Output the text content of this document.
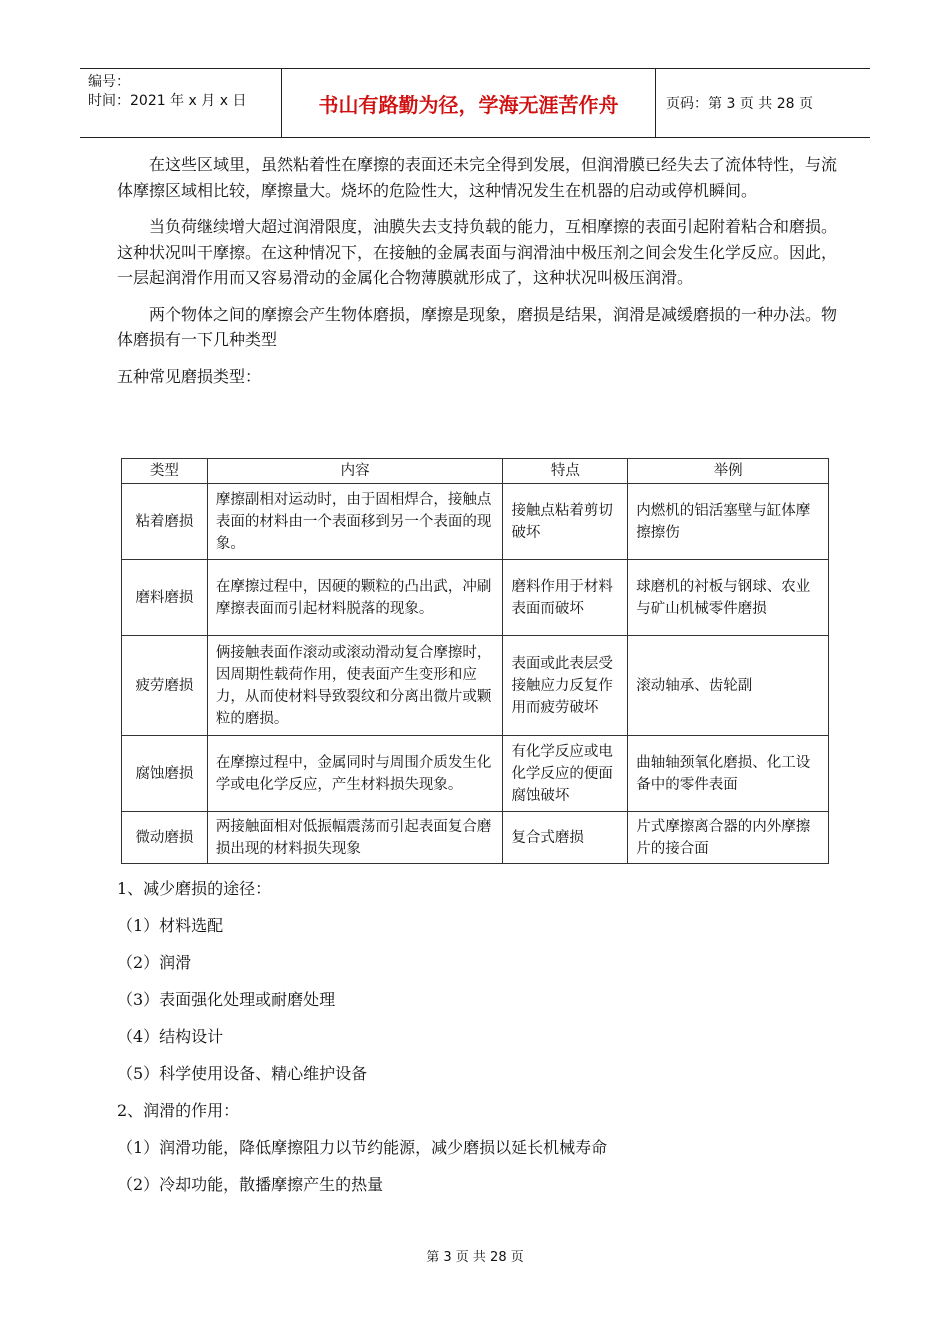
编号：
时间：2021 年 x 月 x 日	书山有路勤为径，学海无涯苦作舟	页码：第 3 页 共 28 页

在这些区域里，虽然粘着性在摩擦的表面还未完全得到发展，但润滑膜已经失去了流体特性，与流体摩擦区域相比较，摩擦量大。烧坏的危险性大，这种情况发生在机器的启动或停机瞬间。

当负荷继续增大超过润滑限度，油膜失去支持负载的能力，互相摩擦的表面引起附着粘合和磨损。这种状况叫干摩擦。在这种情况下，在接触的金属表面与润滑油中极压剂之间会发生化学反应。因此，一层起润滑作用而又容易滑动的金属化合物薄膜就形成了，这种状况叫极压润滑。

两个物体之间的摩擦会产生物体磨损，摩擦是现象，磨损是结果，润滑是减缓磨损的一种办法。物体磨损有一下几种类型

五种常见磨损类型：

类型	内容	特点	举例
粘着磨损	摩擦副相对运动时，由于固相焊合，接触点表面的材料由一个表面移到另一个表面的现象。	接触点粘着剪切破坏	内燃机的铝活塞壁与缸体摩擦擦伤
磨料磨损	在摩擦过程中，因硬的颗粒的凸出武，冲刷摩擦表面而引起材料脱落的现象。	磨料作用于材料表面而破坏	球磨机的衬板与钢球、农业与矿山机械零件磨损
疲劳磨损	俩接触表面作滚动或滚动滑动复合摩擦时，因周期性载荷作用，使表面产生变形和应力，从而使材料导致裂纹和分离出微片或颗粒的磨损。	表面或此表层受接触应力反复作用而疲劳破坏	滚动轴承、齿轮副
腐蚀磨损	在摩擦过程中，金属同时与周围介质发生化学或电化学反应，产生材料损失现象。	有化学反应或电化学反应的便面腐蚀破坏	曲轴轴颈氧化磨损、化工设备中的零件表面
微动磨损	两接触面相对低振幅震荡而引起表面复合磨损出现的材料损失现象	复合式磨损	片式摩擦离合器的内外摩擦片的接合面

1、减少磨损的途径：

（1）材料选配

（2）润滑

（3）表面强化处理或耐磨处理

（4）结构设计

（5）科学使用设备、精心维护设备

2、润滑的作用：

（1）润滑功能，降低摩擦阻力以节约能源，减少磨损以延长机械寿命

（2）冷却功能，散播摩擦产生的热量

第 3 页 共 28 页
